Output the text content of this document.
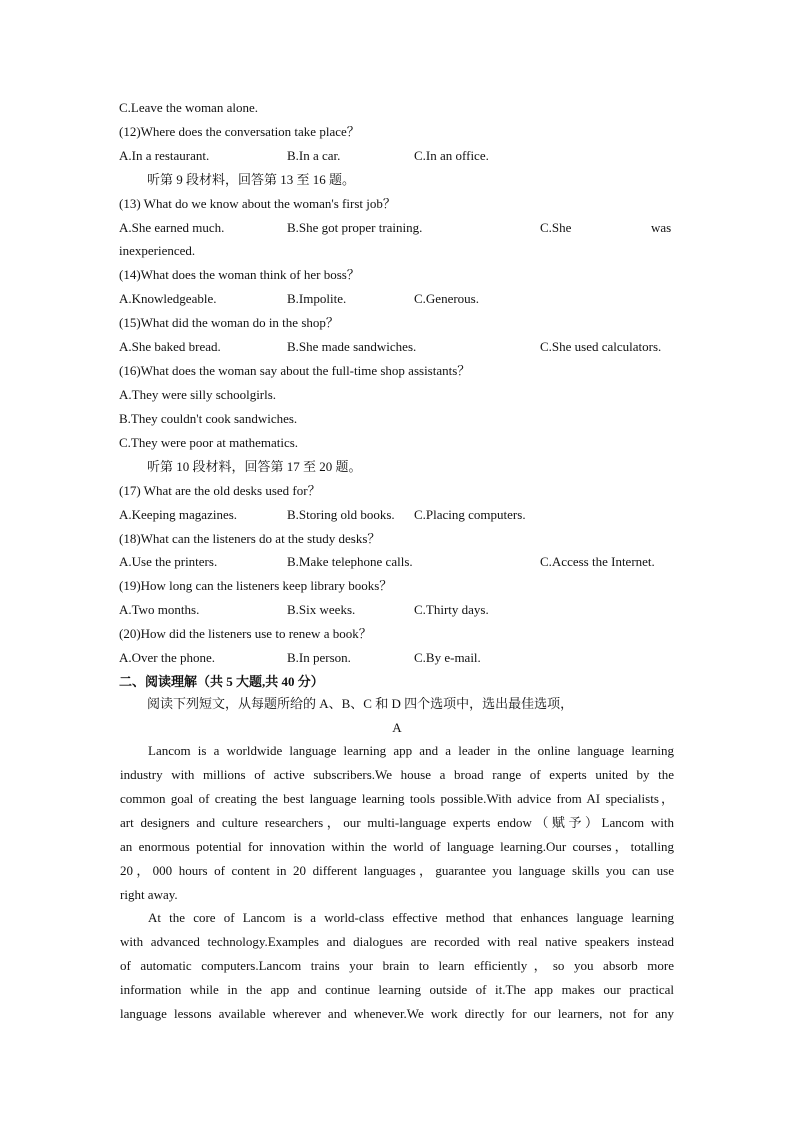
C.Leave the woman alone.
(12)Where does the conversation take place？
A.In a restaurant.	B.In a car.	C.In an office.
听第 9 段材料，回答第 13 至 16 题。
(13) What do we know about the woman's first job？
A.She earned much.	B.She got proper training.	C.She	was
inexperienced.
(14)What does the woman think of her boss？
A.Knowledgeable.	B.Impolite.	C.Generous.
(15)What did the woman do in the shop？
A.She baked bread.	B.She made sandwiches.	C.She used calculators.
(16)What does the woman say about the full-time shop assistants？
A.They were silly schoolgirls.
B.They couldn't cook sandwiches.
C.They were poor at mathematics.
听第 10 段材料，回答第 17 至 20 题。
(17) What are the old desks used for？
A.Keeping magazines.	B.Storing old books. C.Placing computers.
(18)What can the listeners do at the study desks？
A.Use the printers.	B.Make telephone calls.	C.Access the Internet.
(19)How long can the listeners keep library books？
A.Two months.	B.Six weeks.	C.Thirty days.
(20)How did the listeners use to renew a book？
A.Over the phone.	B.In person.	C.By e-mail.
二、阅读理解（共 5 大题,共 40 分）
阅读下列短文，从每题所给的 A、B、C 和 D 四个选项中，选出最佳选项，
A
Lancom is a worldwide language learning app and a leader in the online language learning
industry with millions of active subscribers.We house a broad range of experts united by the
common goal of creating the best language learning tools possible.With advice from AI specialists，
art designers and culture researchers，our multi-language experts endow（赋予）Lancom with
an enormous potential for innovation within the world of language learning.Our courses，totalling
20，000 hours of content in 20 different languages，guarantee you language skills you can use
right away.
At the core of Lancom is a world-class effective method that enhances language learning
with advanced technology.Examples and dialogues are recorded with real native speakers instead
of automatic computers.Lancom trains your brain to learn efficiently，so you absorb more
information while in the app and continue learning outside of it.The app makes our practical
language lessons available wherever and whenever.We work directly for our learners, not for any
